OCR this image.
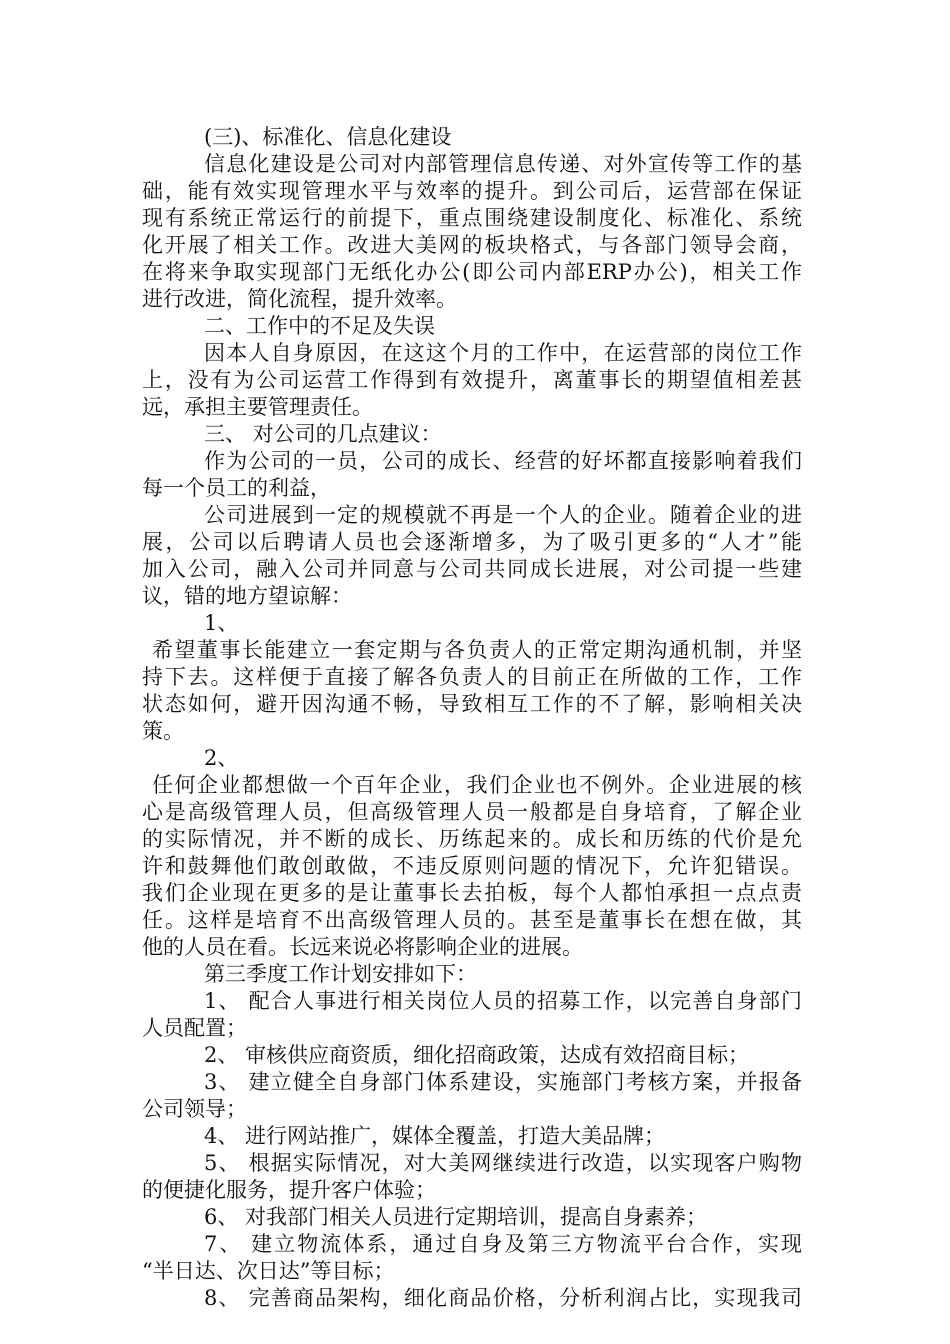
(三)、标准化、信息化建设
信息化建设是公司对内部管理信息传递、对外宣传等工作的基
础，能有效实现管理水平与效率的提升。到公司后，运营部在保证
现有系统正常运行的前提下，重点围绕建设制度化、标准化、系统
化开展了相关工作。改进大美网的板块格式，与各部门领导会商，
在将来争取实现部门无纸化办公(即公司内部ERP办公)，相关工作
进行改进，简化流程，提升效率。
二、工作中的不足及失误
因本人自身原因，在这这个月的工作中，在运营部的岗位工作
上，没有为公司运营工作得到有效提升，离董事长的期望值相差甚
远，承担主要管理责任。
三、 对公司的几点建议：
作为公司的一员，公司的成长、经营的好坏都直接影响着我们
每一个员工的利益，
公司进展到一定的规模就不再是一个人的企业。随着企业的进
展，公司以后聘请人员也会逐渐增多，为了吸引更多的“人才”能
加入公司，融入公司并同意与公司共同成长进展，对公司提一些建
议，错的地方望谅解：
1、
希望董事长能建立一套定期与各负责人的正常定期沟通机制，并坚
持下去。这样便于直接了解各负责人的目前正在所做的工作，工作
状态如何，避开因沟通不畅，导致相互工作的不了解，影响相关决
策。
2、
任何企业都想做一个百年企业，我们企业也不例外。企业进展的核
心是高级管理人员，但高级管理人员一般都是自身培育，了解企业
的实际情况，并不断的成长、历练起来的。成长和历练的代价是允
许和鼓舞他们敢创敢做，不违反原则问题的情况下，允许犯错误。
我们企业现在更多的是让董事长去拍板，每个人都怕承担一点点责
任。这样是培育不出高级管理人员的。甚至是董事长在想在做，其
他的人员在看。长远来说必将影响企业的进展。
第三季度工作计划安排如下：
1、 配合人事进行相关岗位人员的招募工作，以完善自身部门
人员配置；
2、 审核供应商资质，细化招商政策，达成有效招商目标；
3、 建立健全自身部门体系建设，实施部门考核方案，并报备
公司领导；
4、 进行网站推广，媒体全覆盖，打造大美品牌；
5、 根据实际情况，对大美网继续进行改造，以实现客户购物
的便捷化服务，提升客户体验；
6、 对我部门相关人员进行定期培训，提高自身素养；
7、 建立物流体系，通过自身及第三方物流平台合作，实现
“半日达、次日达”等目标；
8、 完善商品架构，细化商品价格，分析利润占比，实现我司
